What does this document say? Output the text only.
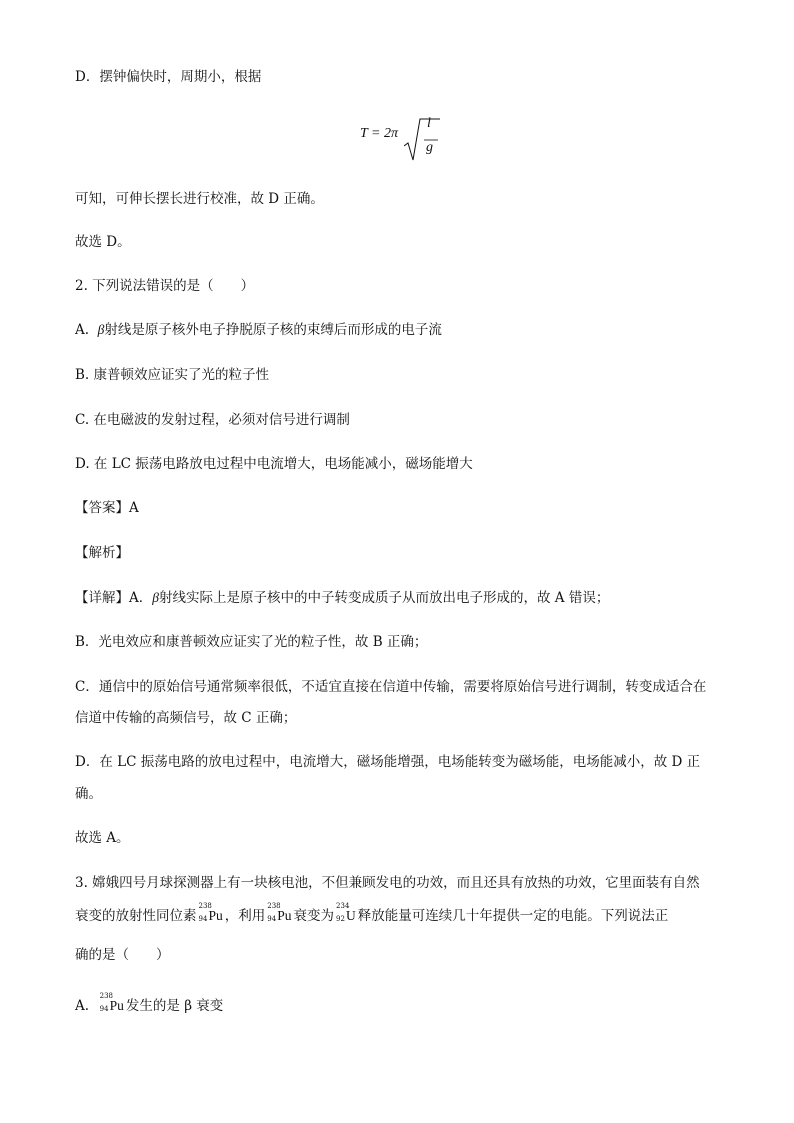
D．摆钟偏快时，周期小，根据
T = 2π
l
g
可知，可伸长摆长进行校准，故 D 正确。
故选 D。
2. 下列说法错误的是（　　）
A. β射线是原子核外电子挣脱原子核的束缚后而形成的电子流
B. 康普顿效应证实了光的粒子性
C. 在电磁波的发射过程，必须对信号进行调制
D. 在 LC 振荡电路放电过程中电流增大，电场能减小，磁场能增大
【答案】A
【解析】
【详解】A．β射线实际上是原子核中的中子转变成质子从而放出电子形成的，故 A 错误；
B．光电效应和康普顿效应证实了光的粒子性，故 B 正确；
C．通信中的原始信号通常频率很低，不适宜直接在信道中传输，需要将原始信号进行调制，转变成适合在
信道中传输的高频信号，故 C 正确；
D．在 LC 振荡电路的放电过程中，电流增大，磁场能增强，电场能转变为磁场能，电场能减小，故 D 正
确。
故选 A。
3. 嫦娥四号月球探测器上有一块核电池，不但兼顾发电的功效，而且还具有放热的功效，它里面装有自然
衰变的放射性同位素
238
94 Pu ，利用
238
94 Pu 衰变为
234
92 U 释放能量可连续几十年提供一定的电能。下列说法正
确的是（　　）
A.
238
94 Pu 发生的是 β 衰变
